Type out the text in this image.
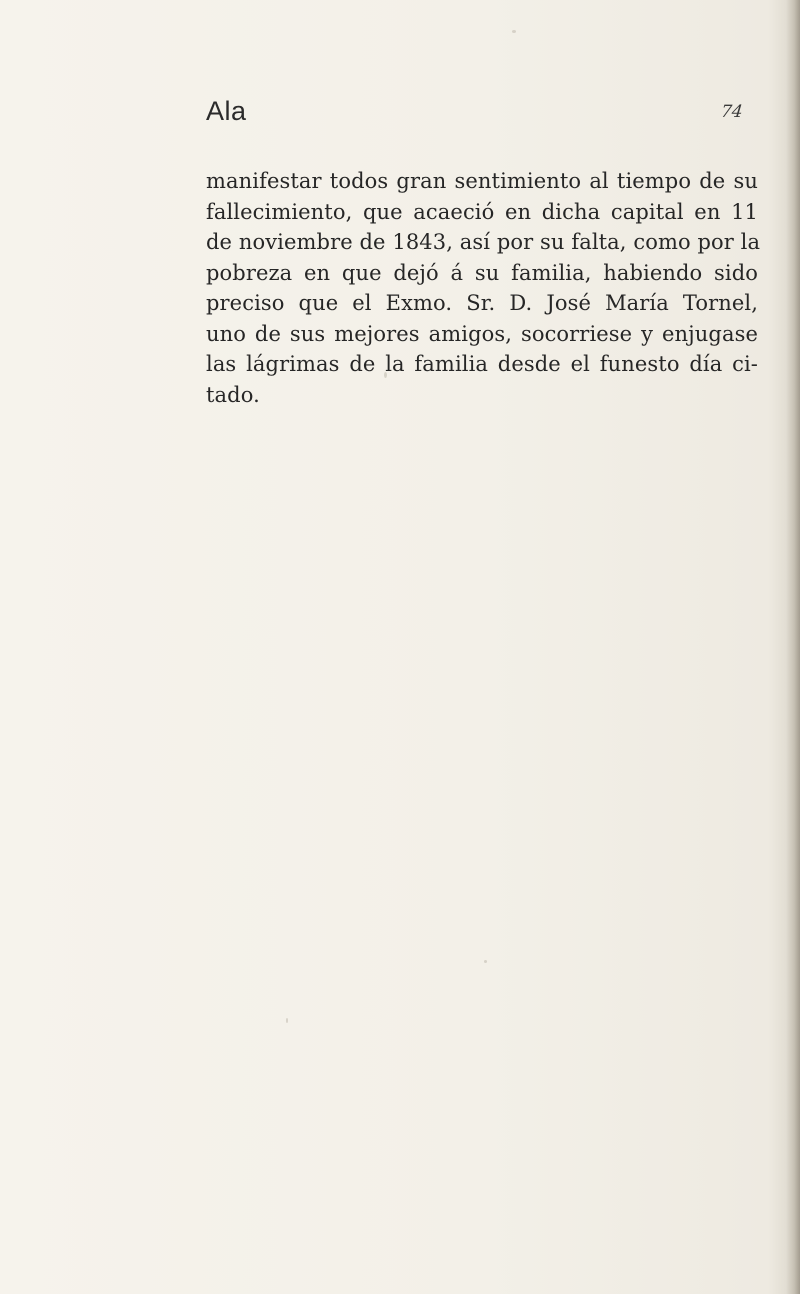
Ala	74
manifestar todos gran sentimiento al tiempo de su
fallecimiento, que acaeció en dicha capital en 11
de noviembre de 1843, así por su falta, como por la
pobreza en que dejó á su familia, habiendo sido
preciso que el Exmo. Sr. D. José María Tornel,
uno de sus mejores amigos, socorriese y enjugase
las lágrimas de la familia desde el funesto día ci-
tado.
